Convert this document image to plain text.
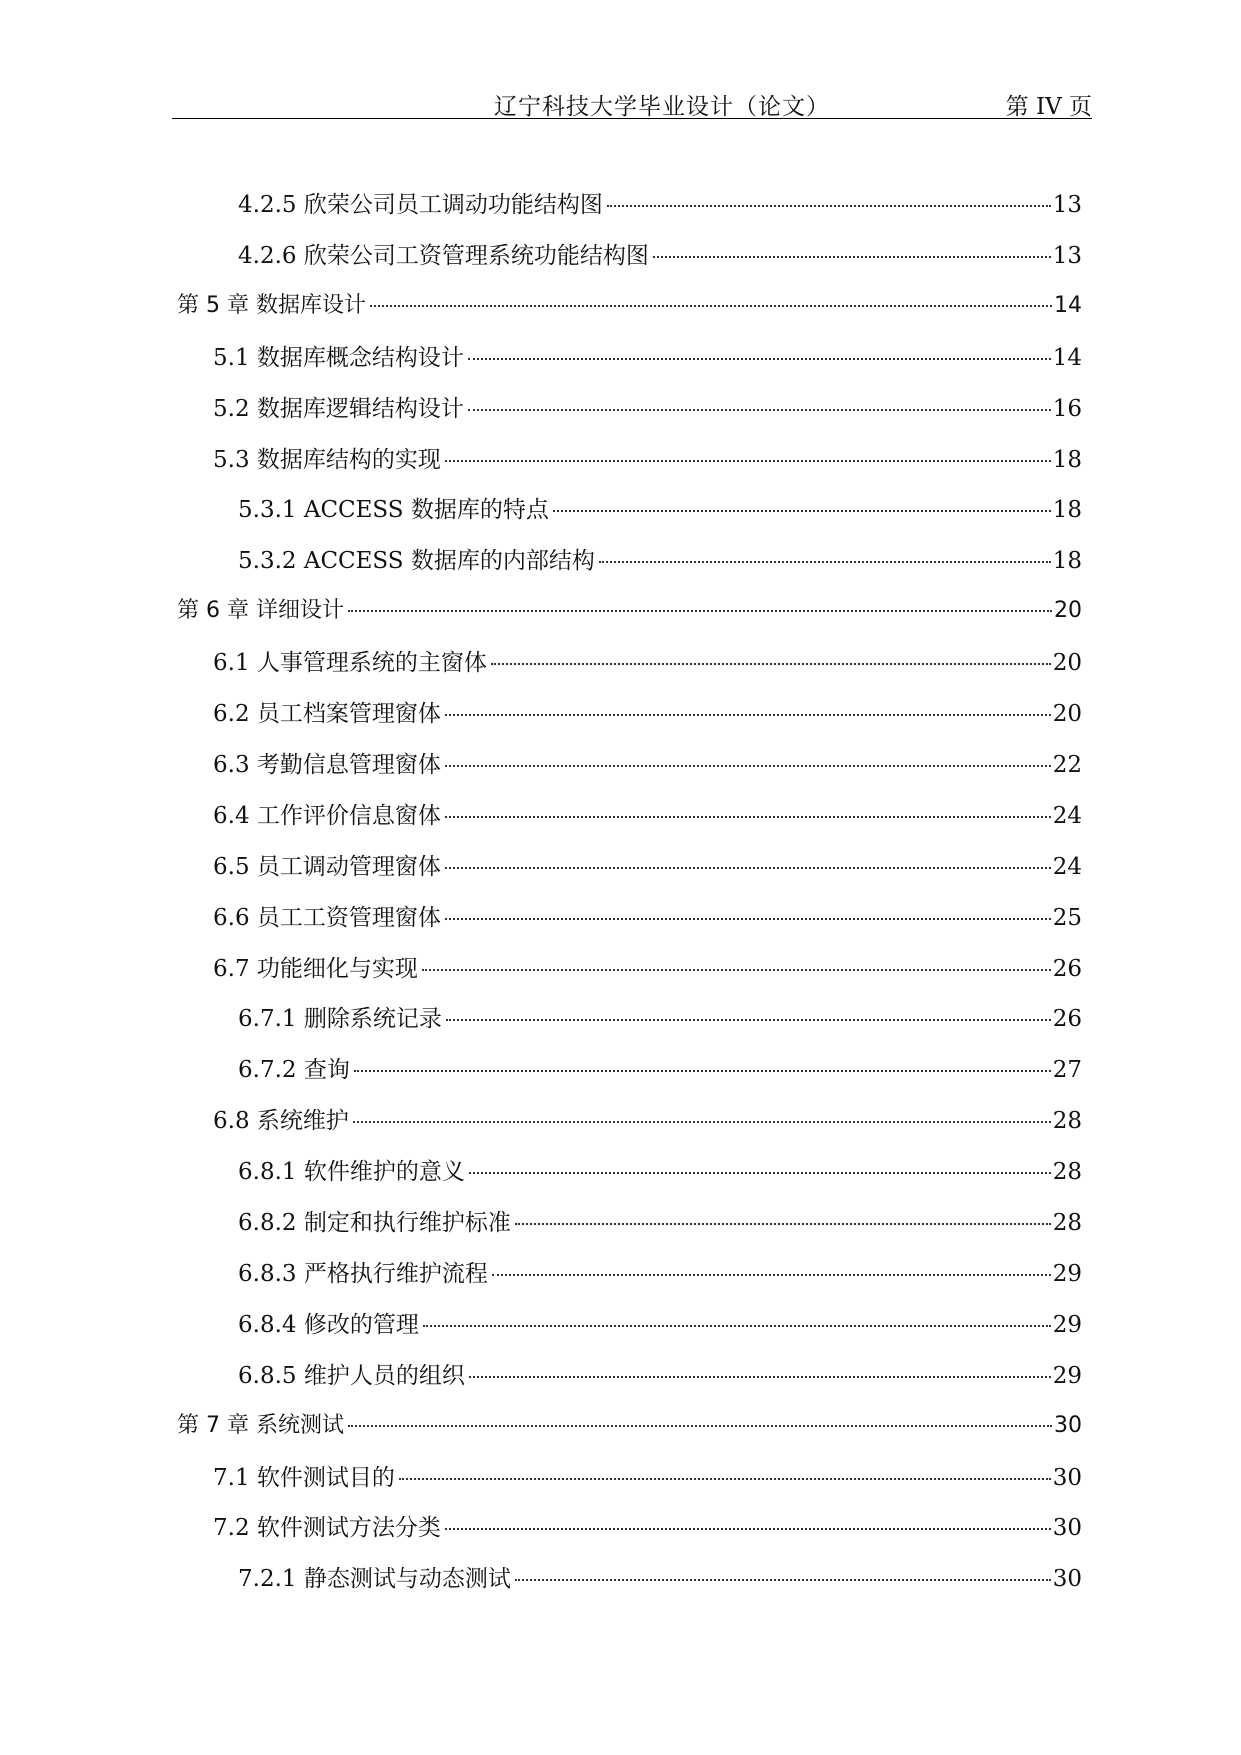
辽宁科技大学毕业设计（论文）	第 IV 页
4.2.5 欣荣公司员工调动功能结构图	13
4.2.6 欣荣公司工资管理系统功能结构图	13
第 5 章 数据库设计	14
5.1 数据库概念结构设计	14
5.2 数据库逻辑结构设计	16
5.3 数据库结构的实现	18
5.3.1 ACCESS 数据库的特点	18
5.3.2 ACCESS 数据库的内部结构	18
第 6 章 详细设计	20
6.1 人事管理系统的主窗体	20
6.2 员工档案管理窗体	20
6.3 考勤信息管理窗体	22
6.4 工作评价信息窗体	24
6.5 员工调动管理窗体	24
6.6 员工工资管理窗体	25
6.7 功能细化与实现	26
6.7.1 删除系统记录	26
6.7.2 查询	27
6.8 系统维护	28
6.8.1 软件维护的意义	28
6.8.2 制定和执行维护标准	28
6.8.3 严格执行维护流程	29
6.8.4 修改的管理	29
6.8.5 维护人员的组织	29
第 7 章 系统测试	30
7.1 软件测试目的	30
7.2 软件测试方法分类	30
7.2.1 静态测试与动态测试	30
